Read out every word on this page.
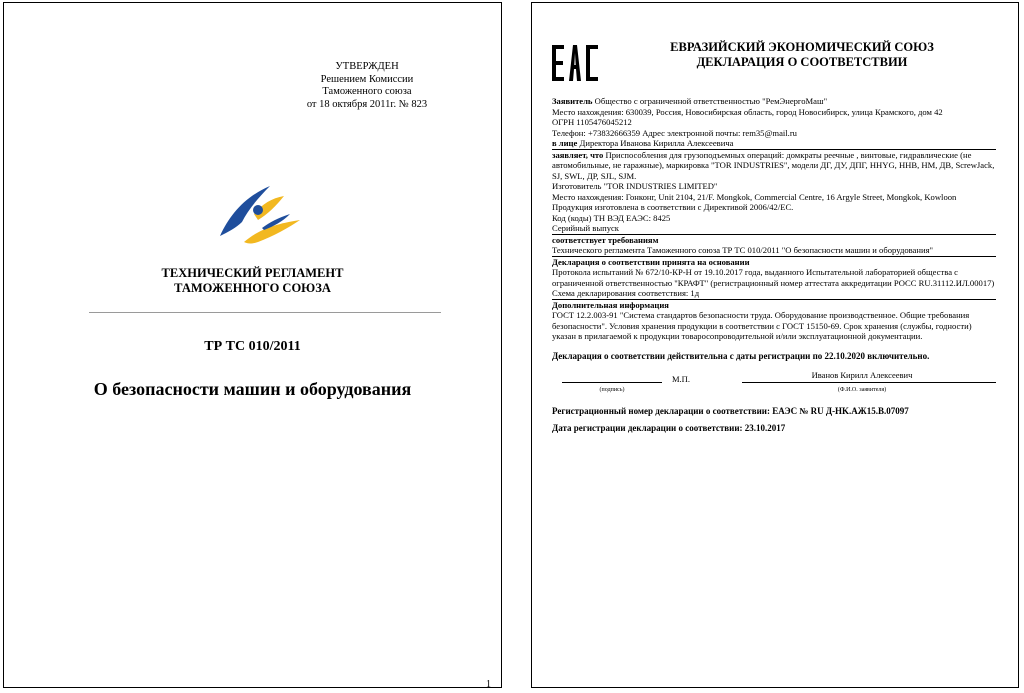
УТВЕРЖДЕН
Решением Комиссии
Таможенного союза
от 18 октября 2011г. № 823
ТЕХНИЧЕСКИЙ РЕГЛАМЕНТ
ТАМОЖЕННОГО СОЮЗА
ТР ТС 010/2011
О безопасности машин и оборудования
1
ЕВРАЗИЙСКИЙ ЭКОНОМИЧЕСКИЙ СОЮЗ
ДЕКЛАРАЦИЯ О СООТВЕТСТВИИ
Заявитель Общество с ограниченной ответственностью "РемЭнергоМаш"
Место нахождения: 630039, Россия, Новосибирская область, город Новосибирск, улица Крамского, дом 42
ОГРН 1105476045212
Телефон: +73832666359 Адрес электронной почты: rem35@mail.ru
в лице Директора Иванова Кирилла Алексеевича
заявляет, что Приспособления для грузоподъемных операций: домкраты реечные , винтовые, гидравлические (не автомобильные, не гаражные), маркировка "TOR INDUSTRIES", модели ДГ, ДУ, ДПГ, HHYG, HHB, HM, ДВ, ScrewJack, SJ, SWL, ДР, SJL, SJM.
Изготовитель "TOR INDUSTRIES LIMITED"
Место нахождения: Гонконг, Unit 2104, 21/F. Mongkok, Commercial Centre, 16 Argyle Street, Mongkok, Kowloon
Продукция изготовлена в соответствии с Директивой 2006/42/EC.
Код (коды) ТН ВЭД ЕАЭС: 8425
Серийный выпуск
соответствует требованиям
Технического регламента Таможенного союза ТР ТС 010/2011 "О безопасности машин и оборудования"
Декларация о соответствии принята на основании
Протокола испытаний № 672/10-КР-Н от 19.10.2017 года, выданного Испытательной лабораторией общества с ограниченной ответственностью "КРАФТ" (регистрационный номер аттестата аккредитации РОСС RU.31112.ИЛ.00017)
Схема декларирования соответствия: 1д
Дополнительная информация
ГОСТ 12.2.003-91 "Система стандартов безопасности труда. Оборудование производственное. Общие требования безопасности". Условия хранения продукции в соответствии с ГОСТ 15150-69. Срок хранения (службы, годности) указан в прилагаемой к продукции товаросопроводительной и/или эксплуатационной документации.
Декларация о соответствии действительна с даты регистрации по 22.10.2020 включительно.
(подпись)
М.П.	Иванов Кирилл Алексеевич
(Ф.И.О. заявителя)
Регистрационный номер декларации о соответствии: ЕАЭС № RU Д-HK.АЖ15.В.07097
Дата регистрации декларации о соответствии: 23.10.2017
